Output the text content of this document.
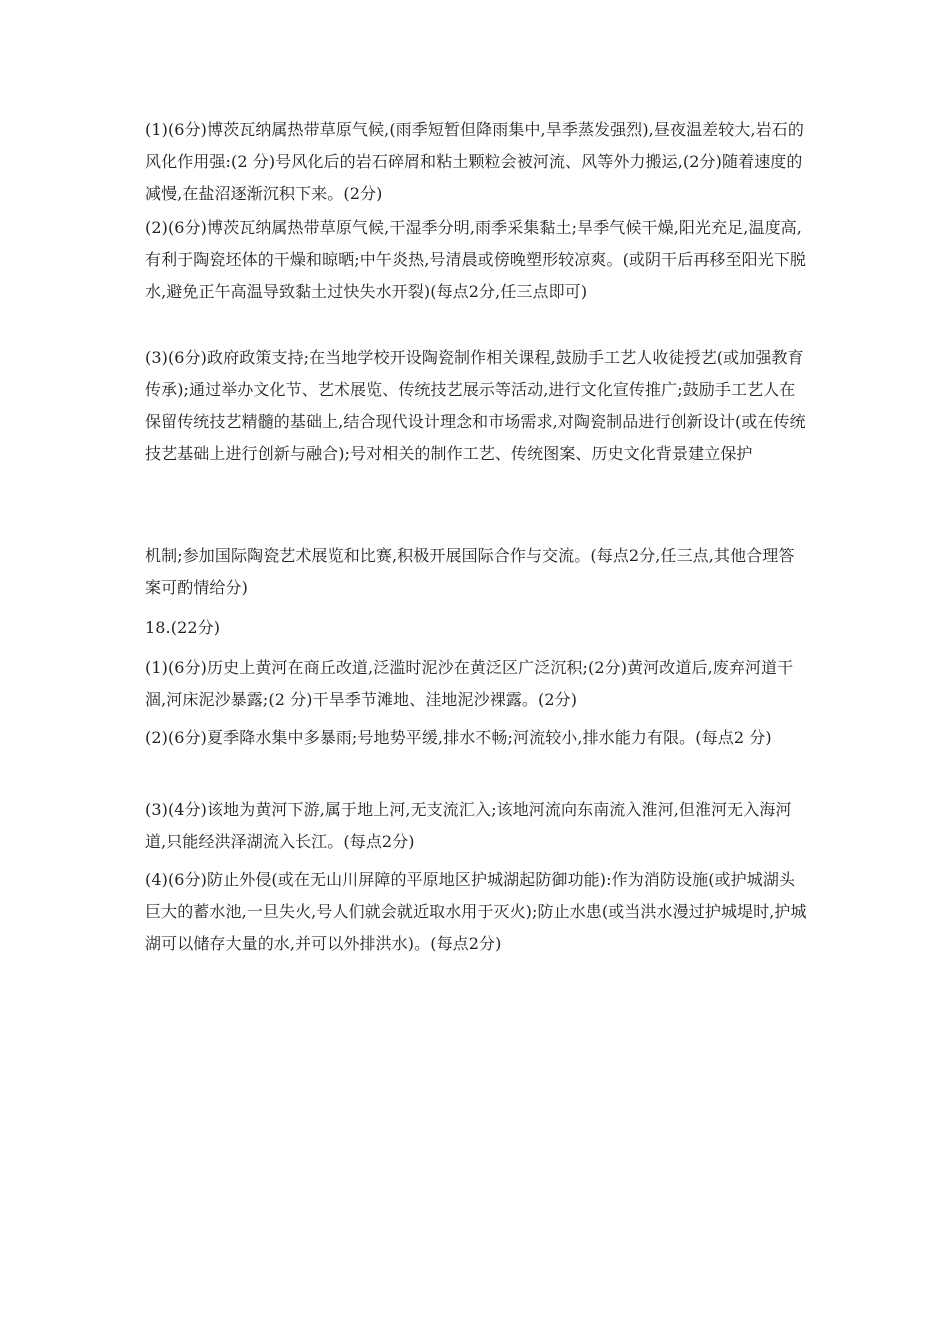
(1)(6分)博茨瓦纳属热带草原气候,(雨季短暂但降雨集中,旱季蒸发强烈),昼夜温差较大,岩石的风化作用强:(2 分)号风化后的岩石碎屑和粘土颗粒会被河流、风等外力搬运,(2分)随着速度的减慢,在盐沼逐渐沉积下来。(2分)

(2)(6分)博茨瓦纳属热带草原气候,干湿季分明,雨季采集黏土;旱季气候干燥,阳光充足,温度高,有利于陶瓷坯体的干燥和晾晒;中午炎热,号清晨或傍晚塑形较凉爽。(或阴干后再移至阳光下脱水,避免正午高温导致黏土过快失水开裂)(每点2分,任三点即可)

(3)(6分)政府政策支持;在当地学校开设陶瓷制作相关课程,鼓励手工艺人收徒授艺(或加强教育传承);通过举办文化节、艺术展览、传统技艺展示等活动,进行文化宣传推广;鼓励手工艺人在保留传统技艺精髓的基础上,结合现代设计理念和市场需求,对陶瓷制品进行创新设计(或在传统技艺基础上进行创新与融合);号对相关的制作工艺、传统图案、历史文化背景建立保护

机制;参加国际陶瓷艺术展览和比赛,积极开展国际合作与交流。(每点2分,任三点,其他合理答案可酌情给分)

18.(22分)

(1)(6分)历史上黄河在商丘改道,泛滥时泥沙在黄泛区广泛沉积;(2分)黄河改道后,废弃河道干涸,河床泥沙暴露;(2 分)干旱季节滩地、洼地泥沙裸露。(2分)

(2)(6分)夏季降水集中多暴雨;号地势平缓,排水不畅;河流较小,排水能力有限。(每点2 分)

(3)(4分)该地为黄河下游,属于地上河,无支流汇入;该地河流向东南流入淮河,但淮河无入海河道,只能经洪泽湖流入长江。(每点2分)

(4)(6分)防止外侵(或在无山川屏障的平原地区护城湖起防御功能):作为消防设施(或护城湖头巨大的蓄水池,一旦失火,号人们就会就近取水用于灭火);防止水患(或当洪水漫过护城堤时,护城湖可以储存大量的水,并可以外排洪水)。(每点2分)
